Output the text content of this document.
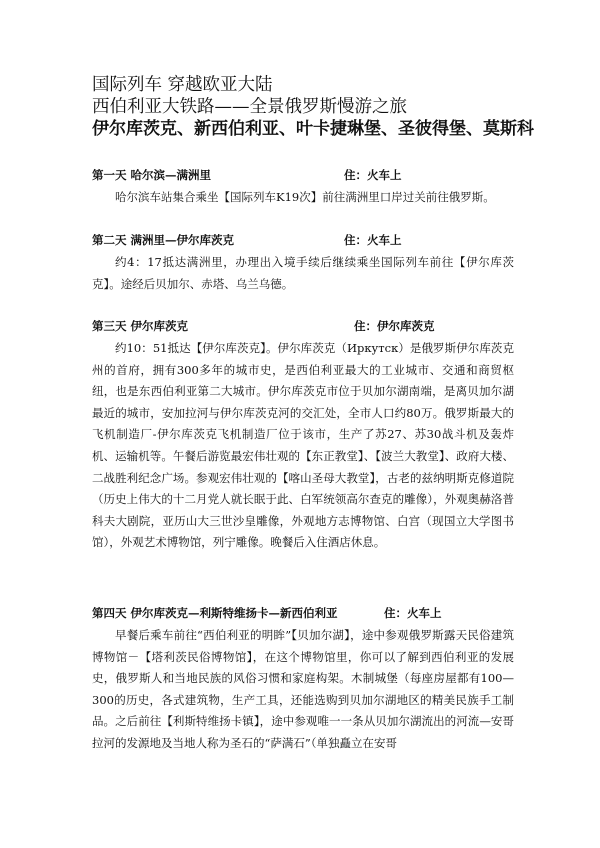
国际列车 穿越欧亚大陆
西伯利亚大铁路——全景俄罗斯慢游之旅
伊尔库茨克、新西伯利亚、叶卡捷琳堡、圣彼得堡、莫斯科
第一天 哈尔滨—满洲里	住：火车上

哈尔滨车站集合乘坐【国际列车K19次】前往满洲里口岸过关前往俄罗斯。

第二天 满洲里—伊尔库茨克	住：火车上

约4：17抵达满洲里，办理出入境手续后继续乘坐国际列车前往【伊尔库茨克】。途经后贝加尔、赤塔、乌兰乌德。

第三天 伊尔库茨克	住：伊尔库茨克

约10：51抵达【伊尔库茨克】。伊尔库茨克（Иркутск）是俄罗斯伊尔库茨克州的首府，拥有300多年的城市史，是西伯利亚最大的工业城市、交通和商贸枢纽，也是东西伯利亚第二大城市。伊尔库茨克市位于贝加尔湖南端，是离贝加尔湖最近的城市，安加拉河与伊尔库茨克河的交汇处，全市人口约80万。俄罗斯最大的飞机制造厂-伊尔库茨克飞机制造厂位于该市，生产了苏27、苏30战斗机及轰炸机、运输机等。午餐后游览最宏伟壮观的【东正教堂】、【波兰大教堂】、政府大楼、二战胜利纪念广场。参观宏伟壮观的【喀山圣母大教堂】，古老的兹纳明斯克修道院（历史上伟大的十二月党人就长眠于此、白军统领高尔查克的雕像），外观奥赫洛普科夫大剧院，亚历山大三世沙皇雕像，外观地方志博物馆、白宫（现国立大学图书馆），外观艺术博物馆，列宁雕像。晚餐后入住酒店休息。

第四天 伊尔库茨克—利斯特维扬卡—新西伯利亚	住：火车上

早餐后乘车前往“西伯利亚的明眸”【贝加尔湖】，途中参观俄罗斯露天民俗建筑博物馆－【塔利茨民俗博物馆】，在这个博物馆里，你可以了解到西伯利亚的发展史，俄罗斯人和当地民族的风俗习惯和家庭构架。木制城堡（每座房屋都有100—300的历史，各式建筑物，生产工具，还能选购到贝加尔湖地区的精美民族手工制品。之后前往【利斯特维扬卡镇】，途中参观唯一一条从贝加尔湖流出的河流—安哥拉河的发源地及当地人称为圣石的“萨满石”（单独矗立在安哥
